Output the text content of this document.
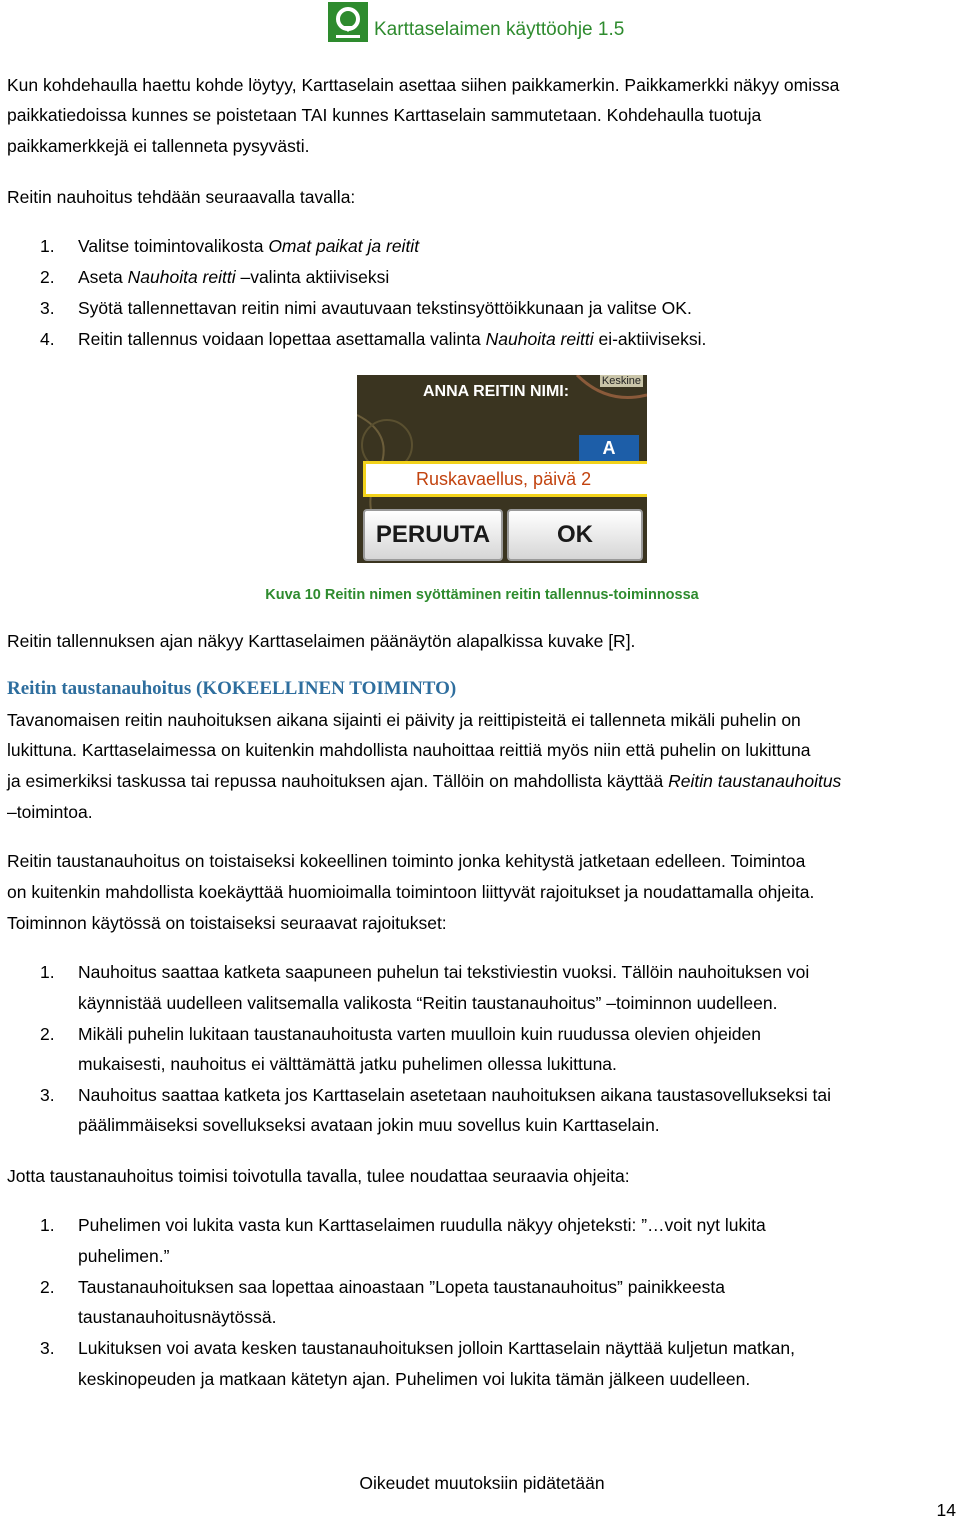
Karttaselaimen käyttöohje 1.5
Kun kohdehaulla haettu kohde löytyy, Karttaselain asettaa siihen paikkamerkin. Paikkamerkki näkyy omissa
paikkatiedoissa kunnes se poistetaan TAI kunnes Karttaselain sammutetaan. Kohdehaulla tuotuja
paikkamerkkejä ei tallenneta pysyvästi.
Reitin nauhoitus tehdään seuraavalla tavalla:
1. Valitse toimintovalikosta Omat paikat ja reitit
2. Aseta Nauhoita reitti –valinta aktiiviseksi
3. Syötä tallennettavan reitin nimi avautuvaan tekstinsyöttöikkunaan ja valitse OK.
4. Reitin tallennus voidaan lopettaa asettamalla valinta Nauhoita reitti ei-aktiiviseksi.
Keskine
ANNA REITIN NIMI:
A
Ruskavaellus, päivä 2
PERUUTA	OK
Kuva 10 Reitin nimen syöttäminen reitin tallennus-toiminnossa
Reitin tallennuksen ajan näkyy Karttaselaimen päänäytön alapalkissa kuvake [R].
Reitin taustanauhoitus (KOKEELLINEN TOIMINTO)
Tavanomaisen reitin nauhoituksen aikana sijainti ei päivity ja reittipisteitä ei tallenneta mikäli puhelin on
lukittuna. Karttaselaimessa on kuitenkin mahdollista nauhoittaa reittiä myös niin että puhelin on lukittuna
ja esimerkiksi taskussa tai repussa nauhoituksen ajan. Tällöin on mahdollista käyttää Reitin taustanauhoitus
–toimintoa.
Reitin taustanauhoitus on toistaiseksi kokeellinen toiminto jonka kehitystä jatketaan edelleen. Toimintoa
on kuitenkin mahdollista koekäyttää huomioimalla toimintoon liittyvät rajoitukset ja noudattamalla ohjeita.
Toiminnon käytössä on toistaiseksi seuraavat rajoitukset:
1. Nauhoitus saattaa katketa saapuneen puhelun tai tekstiviestin vuoksi. Tällöin nauhoituksen voi
käynnistää uudelleen valitsemalla valikosta “Reitin taustanauhoitus” –toiminnon uudelleen.
2. Mikäli puhelin lukitaan taustanauhoitusta varten muulloin kuin ruudussa olevien ohjeiden
mukaisesti, nauhoitus ei välttämättä jatku puhelimen ollessa lukittuna.
3. Nauhoitus saattaa katketa jos Karttaselain asetetaan nauhoituksen aikana taustasovellukseksi tai
päälimmäiseksi sovellukseksi avataan jokin muu sovellus kuin Karttaselain.
Jotta taustanauhoitus toimisi toivotulla tavalla, tulee noudattaa seuraavia ohjeita:
1. Puhelimen voi lukita vasta kun Karttaselaimen ruudulla näkyy ohjeteksti: ”…voit nyt lukita
puhelimen.”
2. Taustanauhoituksen saa lopettaa ainoastaan ”Lopeta taustanauhoitus” painikkeesta
taustanauhoitusnäytössä.
3. Lukituksen voi avata kesken taustanauhoituksen jolloin Karttaselain näyttää kuljetun matkan,
keskinopeuden ja matkaan kätetyn ajan. Puhelimen voi lukita tämän jälkeen uudelleen.
Oikeudet muutoksiin pidätetään
14
